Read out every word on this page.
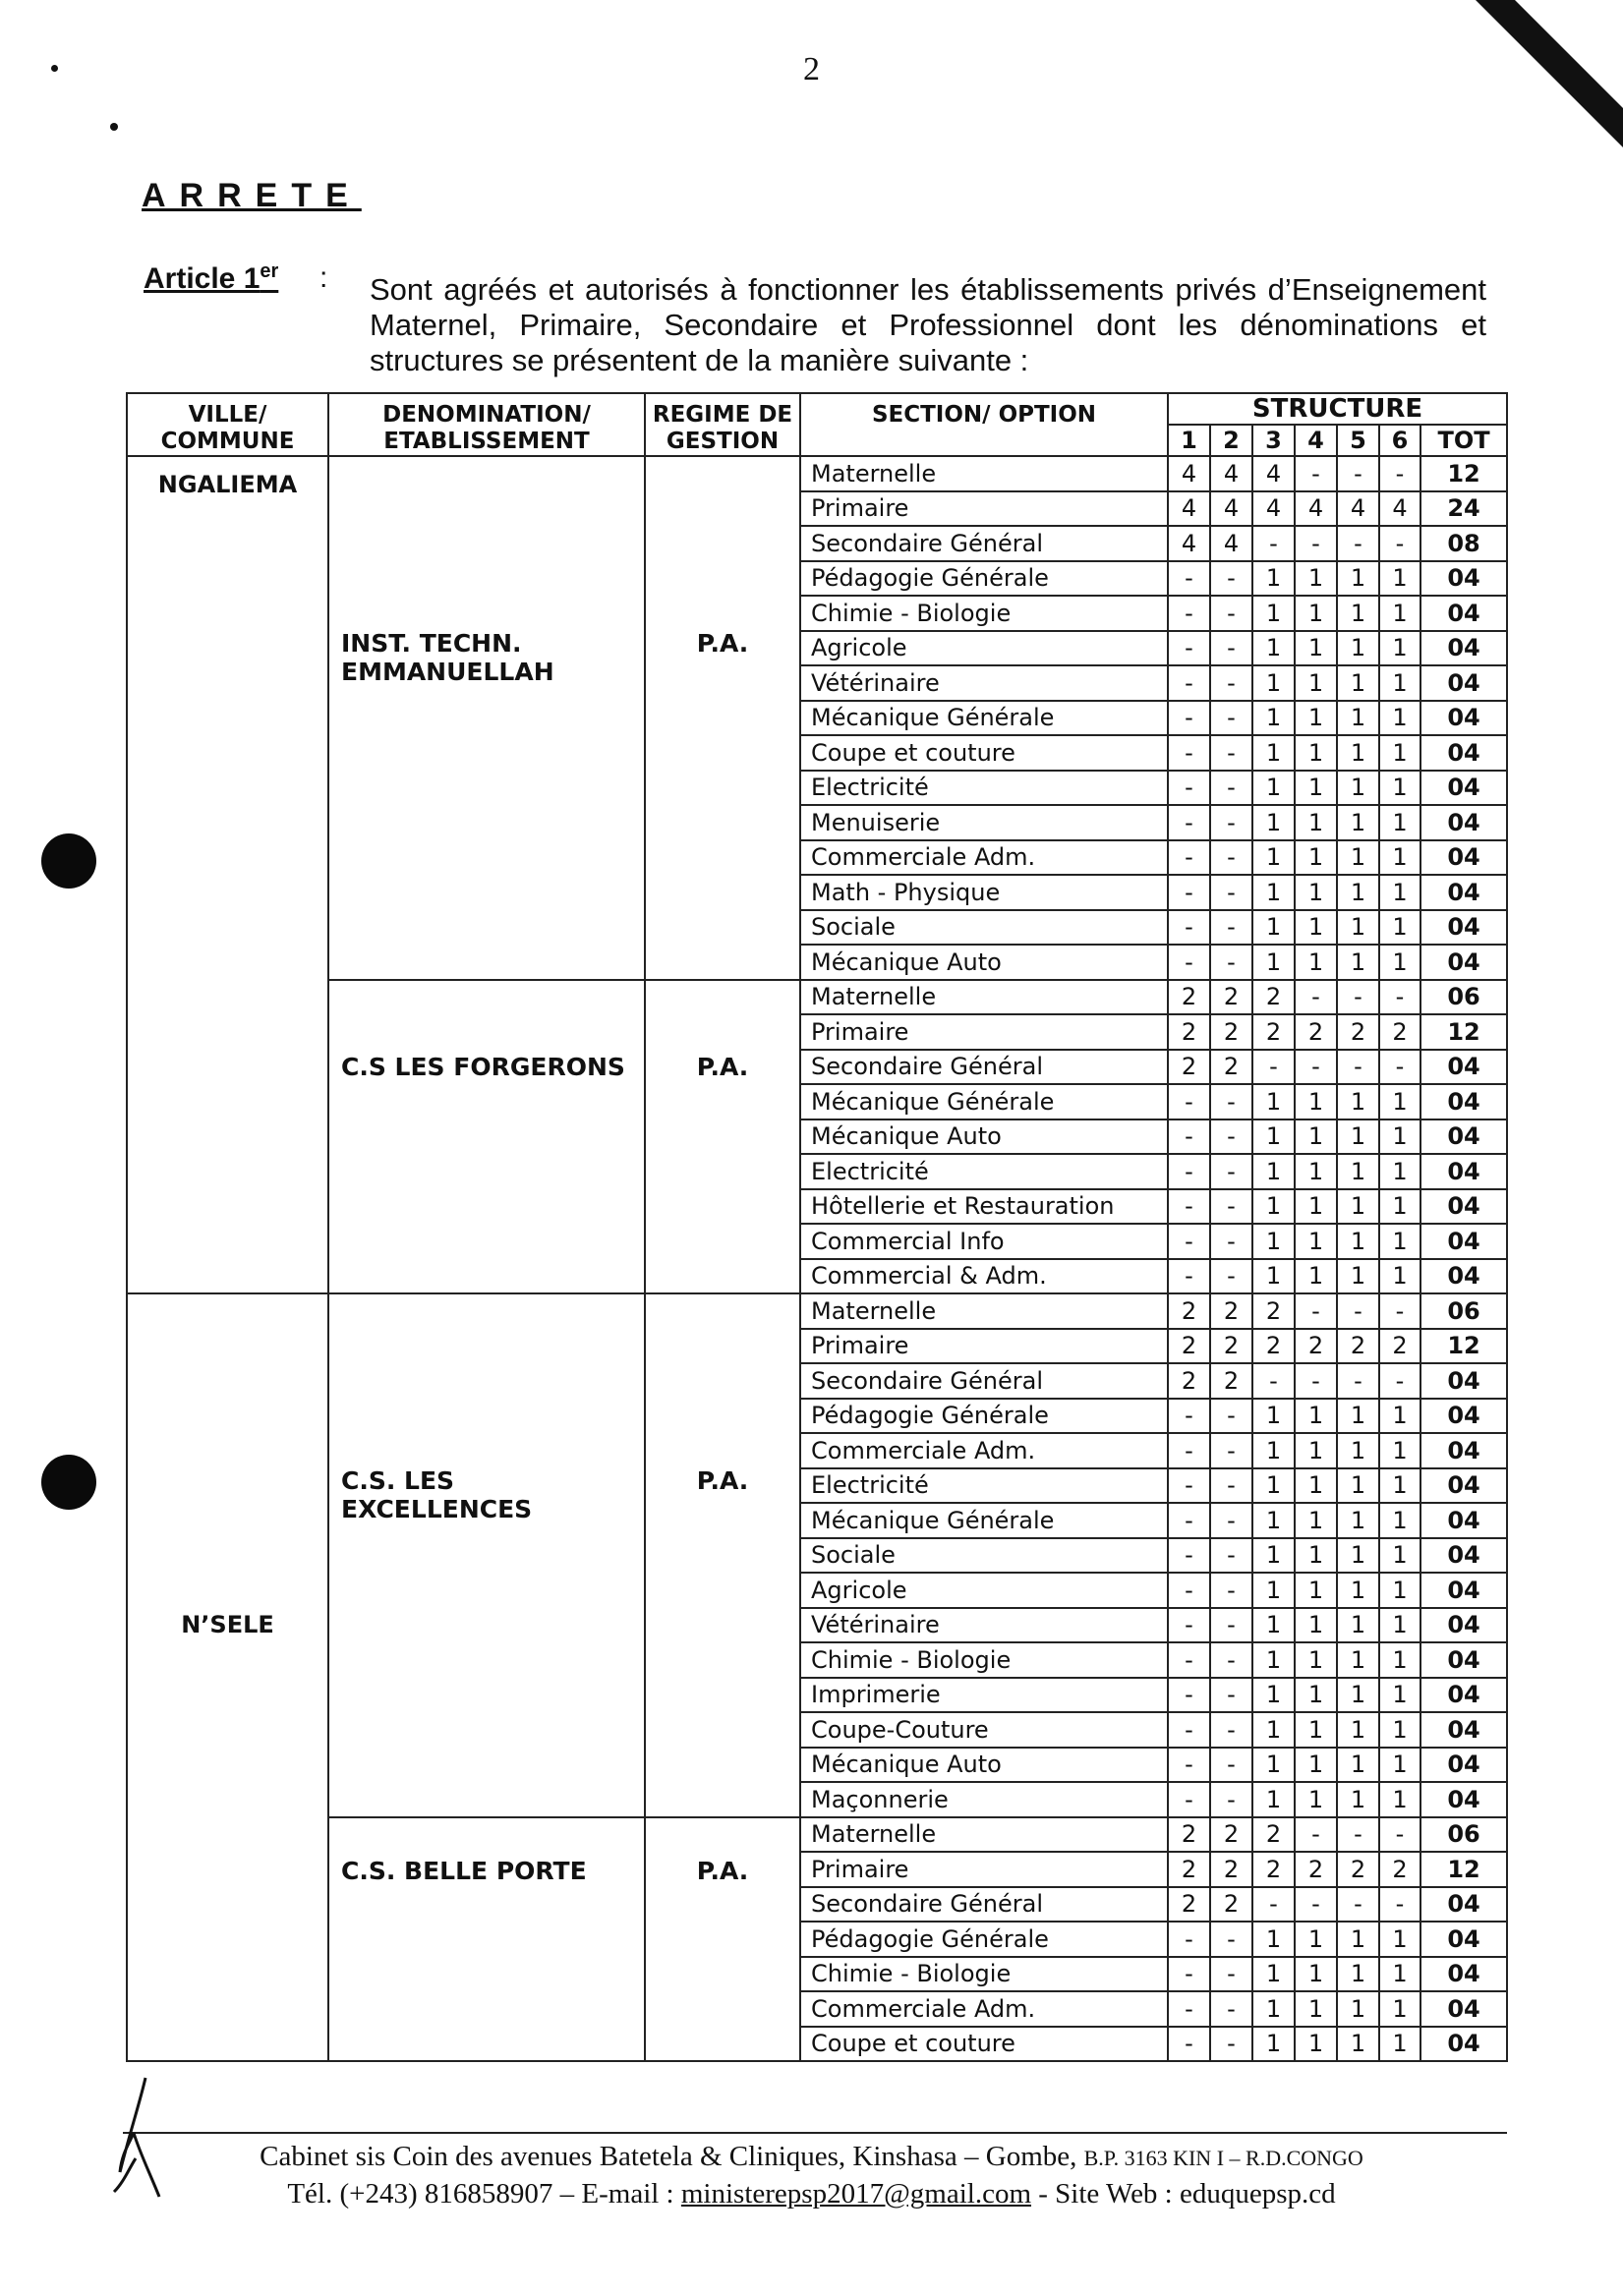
2
ARRETE
Article 1er : Sont agréés et autorisés à fonctionner les établissements privés d’Enseignement Maternel, Primaire, Secondaire et Professionnel dont les dénominations et structures se présentent de la manière suivante :
VILLE/ COMMUNE	DENOMINATION/ ETABLISSEMENT	REGIME DE GESTION	SECTION/ OPTION	STRUCTURE						
				1	2	3	4	5	6	TOT
NGALIEMA	INST. TECHN. EMMANUELLAH	P.A.	Maternelle	4	4	4	-	-	-	12
			Primaire	4	4	4	4	4	4	24
			Secondaire Général	4	4	-	-	-	-	08
			Pédagogie Générale	-	-	1	1	1	1	04
			Chimie - Biologie	-	-	1	1	1	1	04
			Agricole	-	-	1	1	1	1	04
			Vétérinaire	-	-	1	1	1	1	04
			Mécanique Générale	-	-	1	1	1	1	04
			Coupe et couture	-	-	1	1	1	1	04
			Electricité	-	-	1	1	1	1	04
			Menuiserie	-	-	1	1	1	1	04
			Commerciale Adm.	-	-	1	1	1	1	04
			Math - Physique	-	-	1	1	1	1	04
			Sociale	-	-	1	1	1	1	04
			Mécanique Auto	-	-	1	1	1	1	04
	C.S LES FORGERONS	P.A.	Maternelle	2	2	2	-	-	-	06
			Primaire	2	2	2	2	2	2	12
			Secondaire Général	2	2	-	-	-	-	04
			Mécanique Générale	-	-	1	1	1	1	04
			Mécanique Auto	-	-	1	1	1	1	04
			Electricité	-	-	1	1	1	1	04
			Hôtellerie et Restauration	-	-	1	1	1	1	04
			Commercial Info	-	-	1	1	1	1	04
			Commercial & Adm.	-	-	1	1	1	1	04
N’SELE	C.S. LES EXCELLENCES	P.A.	Maternelle	2	2	2	-	-	-	06
			Primaire	2	2	2	2	2	2	12
			Secondaire Général	2	2	-	-	-	-	04
			Pédagogie Générale	-	-	1	1	1	1	04
			Commerciale Adm.	-	-	1	1	1	1	04
			Electricité	-	-	1	1	1	1	04
			Mécanique Générale	-	-	1	1	1	1	04
			Sociale	-	-	1	1	1	1	04
			Agricole	-	-	1	1	1	1	04
			Vétérinaire	-	-	1	1	1	1	04
			Chimie - Biologie	-	-	1	1	1	1	04
			Imprimerie	-	-	1	1	1	1	04
			Coupe-Couture	-	-	1	1	1	1	04
			Mécanique Auto	-	-	1	1	1	1	04
			Maçonnerie	-	-	1	1	1	1	04
	C.S. BELLE PORTE	P.A.	Maternelle	2	2	2	-	-	-	06
			Primaire	2	2	2	2	2	2	12
			Secondaire Général	2	2	-	-	-	-	04
			Pédagogie Générale	-	-	1	1	1	1	04
			Chimie - Biologie	-	-	1	1	1	1	04
			Commerciale Adm.	-	-	1	1	1	1	04
			Coupe et couture	-	-	1	1	1	1	04
Cabinet sis Coin des avenues Batetela & Cliniques, Kinshasa – Gombe, B.P. 3163 KIN I – R.D.CONGO
Tél. (+243) 816858907 – E-mail : ministerepsp2017@gmail.com - Site Web : eduquepsp.cd
